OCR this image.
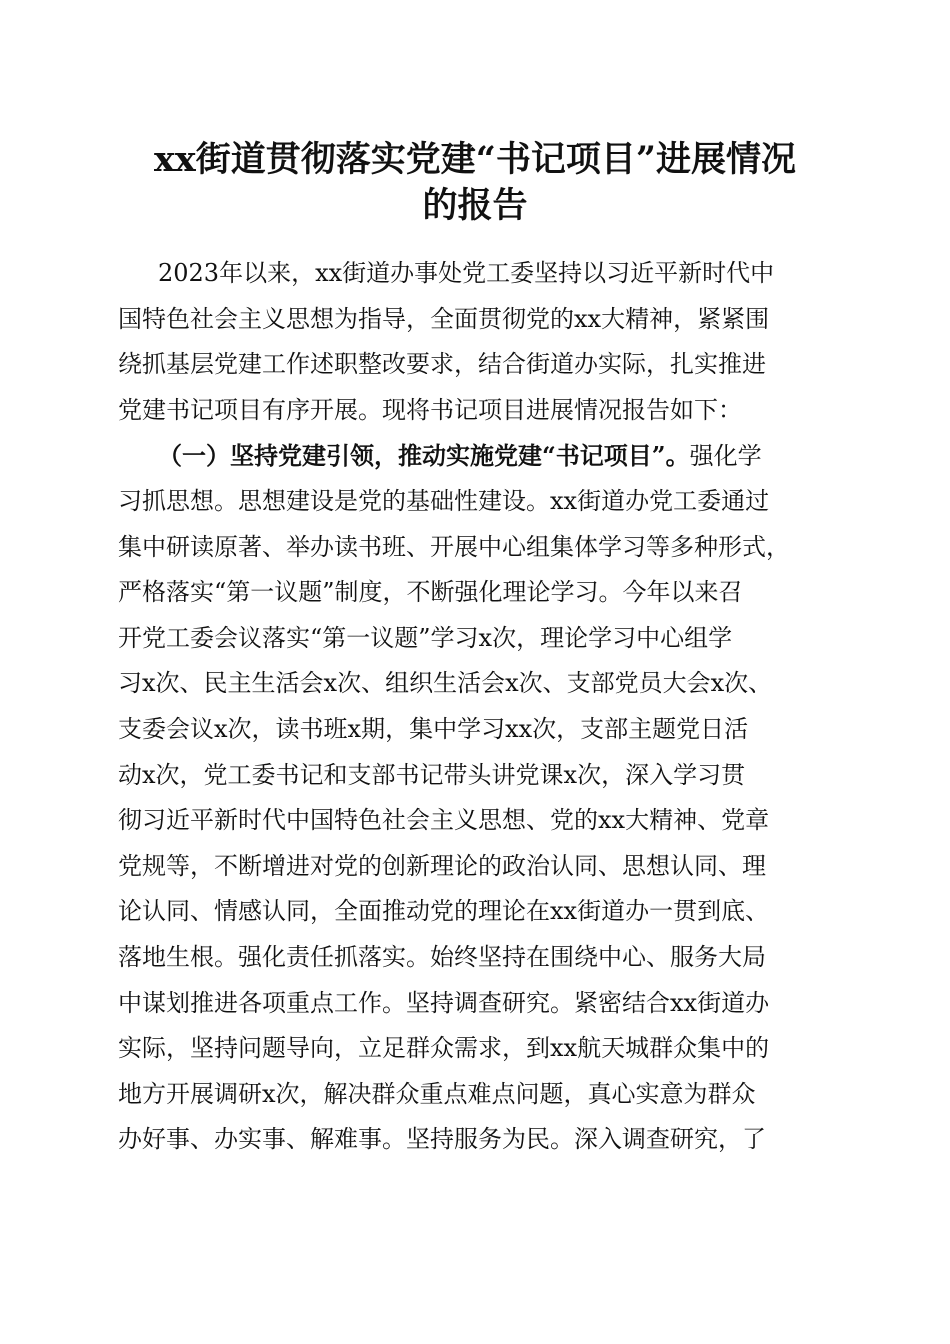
xx街道贯彻落实党建“书记项目”进展情况
的报告
2023年以来，xx街道办事处党工委坚持以习近平新时代中
国特色社会主义思想为指导，全面贯彻党的xx大精神，紧紧围
绕抓基层党建工作述职整改要求，结合街道办实际，扎实推进
党建书记项目有序开展。现将书记项目进展情况报告如下：
（一）坚持党建引领，推动实施党建“书记项目”。强化学
习抓思想。思想建设是党的基础性建设。xx街道办党工委通过
集中研读原著、举办读书班、开展中心组集体学习等多种形式，
严格落实“第一议题”制度，不断强化理论学习。今年以来召
开党工委会议落实“第一议题”学习x次，理论学习中心组学
习x次、民主生活会x次、组织生活会x次、支部党员大会x次、
支委会议x次，读书班x期，集中学习xx次，支部主题党日活
动x次，党工委书记和支部书记带头讲党课x次，深入学习贯
彻习近平新时代中国特色社会主义思想、党的xx大精神、党章
党规等，不断增进对党的创新理论的政治认同、思想认同、理
论认同、情感认同，全面推动党的理论在xx街道办一贯到底、
落地生根。强化责任抓落实。始终坚持在围绕中心、服务大局
中谋划推进各项重点工作。坚持调查研究。紧密结合xx街道办
实际，坚持问题导向，立足群众需求，到xx航天城群众集中的
地方开展调研x次，解决群众重点难点问题，真心实意为群众
办好事、办实事、解难事。坚持服务为民。深入调查研究，了
